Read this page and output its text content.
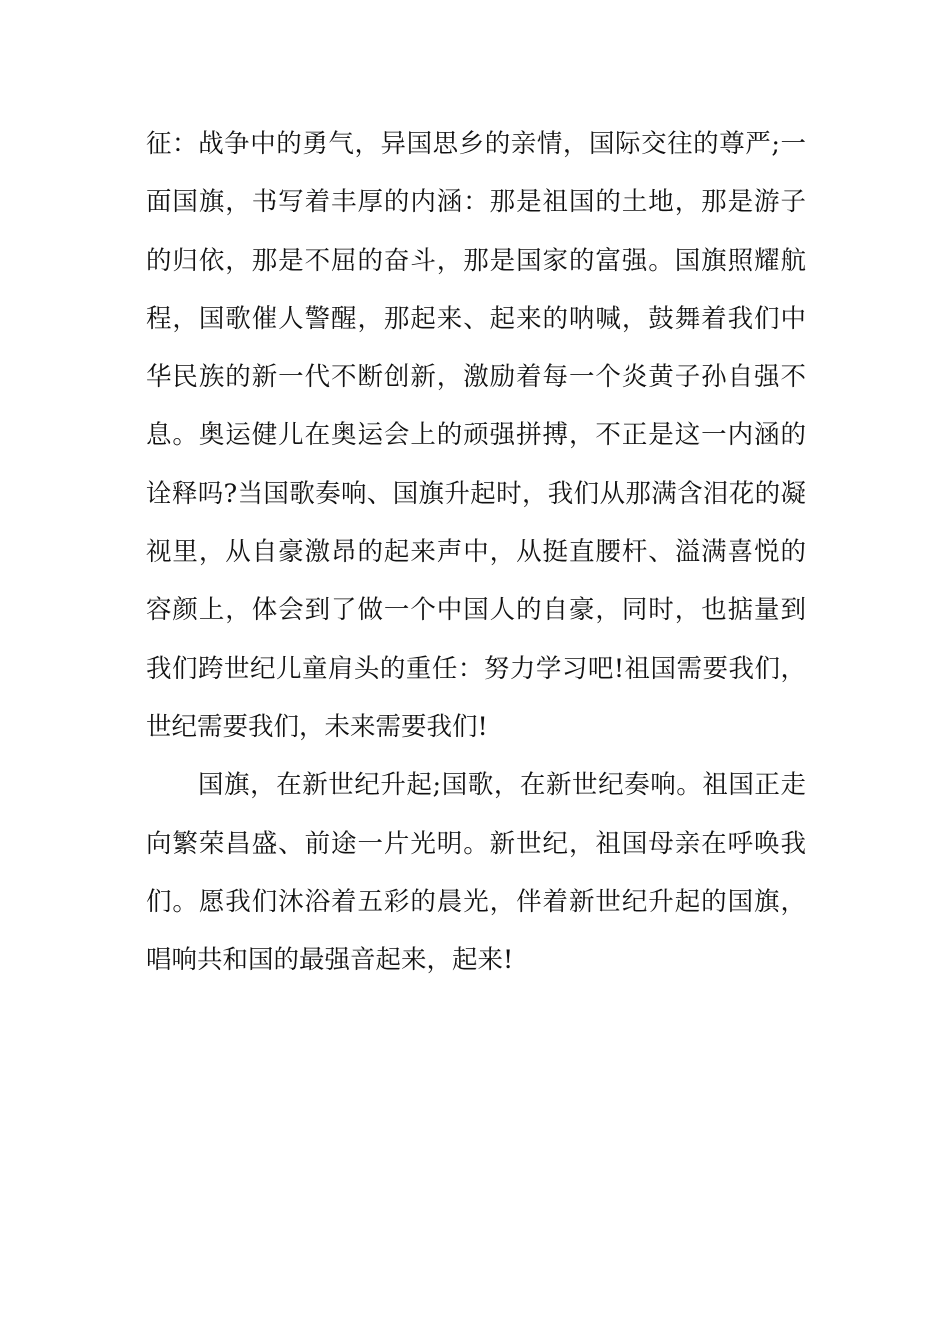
征：战争中的勇气，异国思乡的亲情，国际交往的尊严;一
面国旗，书写着丰厚的内涵：那是祖国的土地，那是游子
的归依，那是不屈的奋斗，那是国家的富强。国旗照耀航
程，国歌催人警醒，那起来、起来的呐喊，鼓舞着我们中
华民族的新一代不断创新，激励着每一个炎黄子孙自强不
息。奥运健儿在奥运会上的顽强拼搏，不正是这一内涵的
诠释吗?当国歌奏响、国旗升起时，我们从那满含泪花的凝
视里，从自豪激昂的起来声中，从挺直腰杆、溢满喜悦的
容颜上，体会到了做一个中国人的自豪，同时，也掂量到
我们跨世纪儿童肩头的重任：努力学习吧!祖国需要我们，
世纪需要我们，未来需要我们!
国旗，在新世纪升起;国歌，在新世纪奏响。祖国正走
向繁荣昌盛、前途一片光明。新世纪，祖国母亲在呼唤我
们。愿我们沐浴着五彩的晨光，伴着新世纪升起的国旗，
唱响共和国的最强音起来，起来!
